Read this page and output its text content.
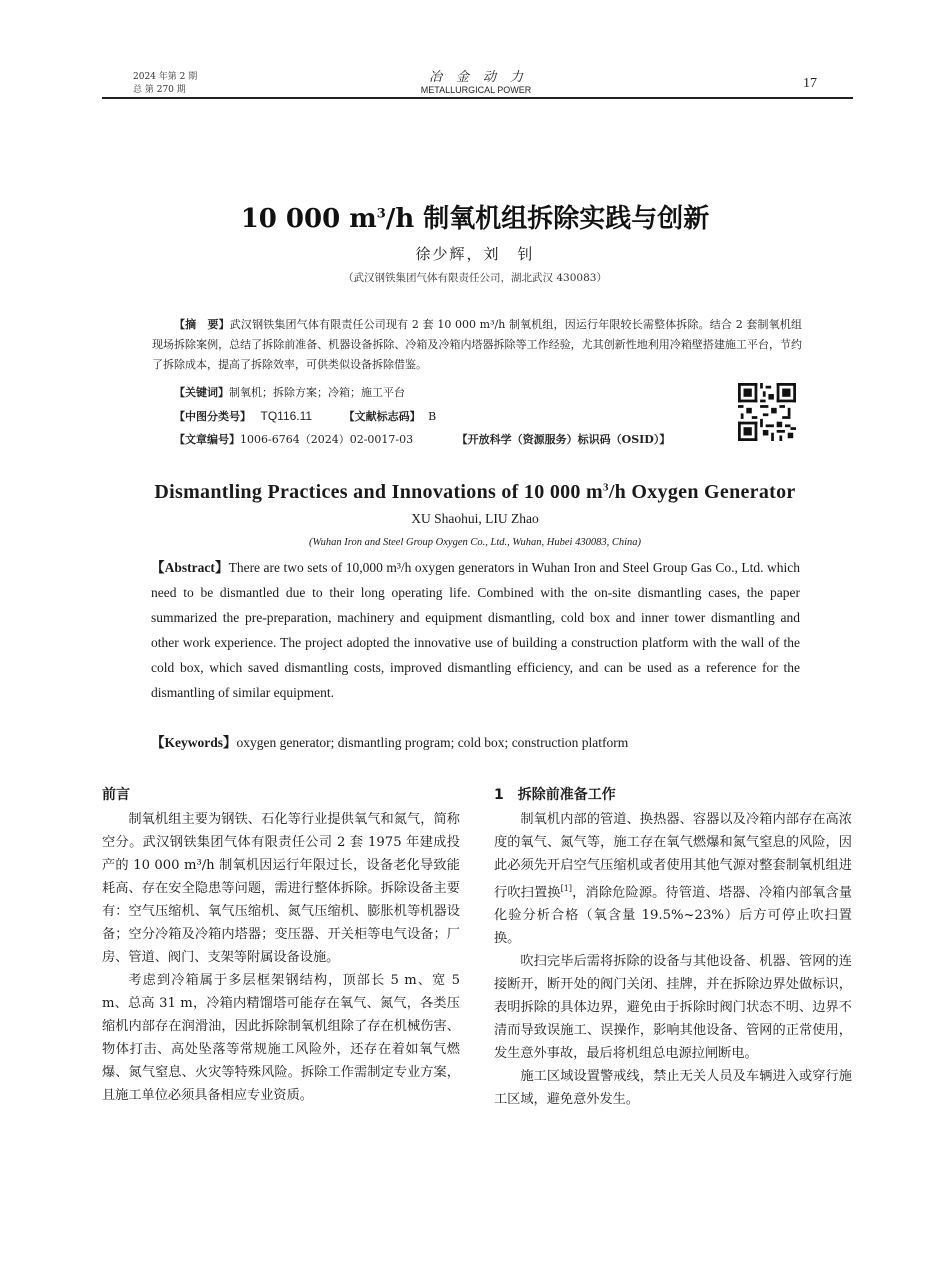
2024 年第 2 期
总 第 270 期
冶金动力
METALLURGICAL POWER	17
10 000 $m^3/h$ 制氧机组拆除实践与创新
徐少辉，刘　钊
（武汉钢铁集团气体有限责任公司，湖北武汉 430083）

【摘　要】武汉钢铁集团气体有限责任公司现有 2 套 10 000 m³/h 制氧机组，因运行年限较长需整体拆除。结合 2 套制氧机组现场拆除案例，总结了拆除前准备、机器设备拆除、冷箱及冷箱内塔器拆除等工作经验，尤其创新性地利用冷箱壁搭建施工平台，节约了拆除成本，提高了拆除效率，可供类似设备拆除借鉴。

【关键词】制氧机；拆除方案；冷箱；施工平台
【中图分类号】 TQ116.11	【文献标志码】 B
【文章编号】1006-6764（2024）02-0017-03	【开放科学（资源服务）标识码（OSID）】
Dismantling Practices and Innovations of 10 000 $m^3/h$ Oxygen Generator
XU Shaohui, LIU Zhao
(Wuhan Iron and Steel Group Oxygen Co., Ltd., Wuhan, Hubei 430083, China)
【Abstract】There are two sets of 10,000 m³/h oxygen generators in Wuhan Iron and Steel Group Gas Co., Ltd. which need to be dismantled due to their long operating life. Combined with the on-site dismantling cases, the paper summarized the pre-preparation, machinery and equipment dismantling, cold box and inner tower dismantling and other work experience. The project adopted the innovative use of building a construction platform with the wall of the cold box, which saved dismantling costs, improved dismantling efficiency, and can be used as a reference for the dismantling of similar equipment.
【Keywords】oxygen generator; dismantling program; cold box; construction platform
前言

制氧机组主要为钢铁、石化等行业提供氧气和氮气，简称空分。武汉钢铁集团气体有限责任公司 2 套 1975 年建成投产的 10 000 m³/h 制氧机因运行年限过长，设备老化导致能耗高、存在安全隐患等问题，需进行整体拆除。拆除设备主要有：空气压缩机、氧气压缩机、氮气压缩机、膨胀机等机器设备；空分冷箱及冷箱内塔器；变压器、开关柜等电气设备；厂房、管道、阀门、支架等附属设备设施。

考虑到冷箱属于多层框架钢结构，顶部长 5 m、宽 5 m、总高 31 m，冷箱内精馏塔可能存在氧气、氮气，各类压缩机内部存在润滑油，因此拆除制氧机组除了存在机械伤害、物体打击、高处坠落等常规施工风险外，还存在着如氧气燃爆、氮气窒息、火灾等特殊风险。拆除工作需制定专业方案，且施工单位必须具备相应专业资质。

1　拆除前准备工作

制氧机内部的管道、换热器、容器以及冷箱内部存在高浓度的氧气、氮气等，施工存在氧气燃爆和氮气窒息的风险，因此必须先开启空气压缩机或者使用其他气源对整套制氧机组进行吹扫置换[1]，消除危险源。待管道、塔器、冷箱内部氧含量化验分析合格（氧含量 19.5%~23%）后方可停止吹扫置换。

吹扫完毕后需将拆除的设备与其他设备、机器、管网的连接断开，断开处的阀门关闭、挂牌，并在拆除边界处做标识，表明拆除的具体边界，避免由于拆除时阀门状态不明、边界不清而导致误施工、误操作，影响其他设备、管网的正常使用，发生意外事故，最后将机组总电源拉闸断电。

施工区域设置警戒线，禁止无关人员及车辆进入或穿行施工区域，避免意外发生。
